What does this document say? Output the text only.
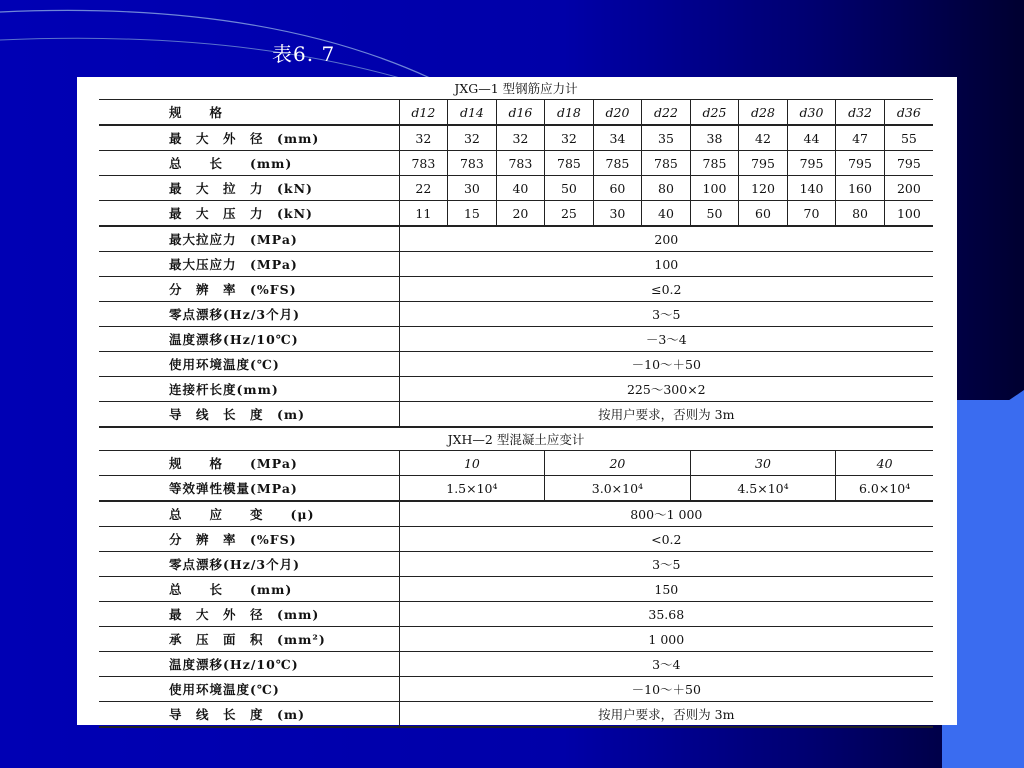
表6. 7
JXG—1 型钢筋应力计											
规　　格	d12	d14	d16	d18	d20	d22	d25	d28	d30	d32	d36
最　大　外　径　(mm)	32	32	32	32	34	35	38	42	44	47	55
总　　长　　(mm)	783	783	783	785	785	785	785	795	795	795	795
最　大　拉　力　(kN)	22	30	40	50	60	80	100	120	140	160	200
最　大　压　力　(kN)	11	15	20	25	30	40	50	60	70	80	100
最大拉应力　(MPa)	200										
最大压应力　(MPa)	100										
分　辨　率　(%FS)	≤0.2										
零点漂移(Hz/3个月)	3～5										
温度漂移(Hz/10℃)	－3～4										
使用环境温度(℃)	－10～＋50										
连接杆长度(mm)	225～300×2										
导　线　长　度　(m)	按用户要求，否则为 3m										
JXH—2 型混凝土应变计											
规　　格　　(MPa)	10			20			30			40	
等效弹性模量(MPa)	1.5×10⁴			3.0×10⁴			4.5×10⁴			6.0×10⁴	
总　　应　　变　　(μ)	800～1 000										
分　辨　率　(%FS)	<0.2										
零点漂移(Hz/3个月)	3～5										
总　　长　　(mm)	150										
最　大　外　径　(mm)	35.68										
承　压　面　积　(mm²)	1 000										
温度漂移(Hz/10℃)	3～4										
使用环境温度(℃)	－10～＋50										
导　线　长　度　(m)	按用户要求，否则为 3m										
